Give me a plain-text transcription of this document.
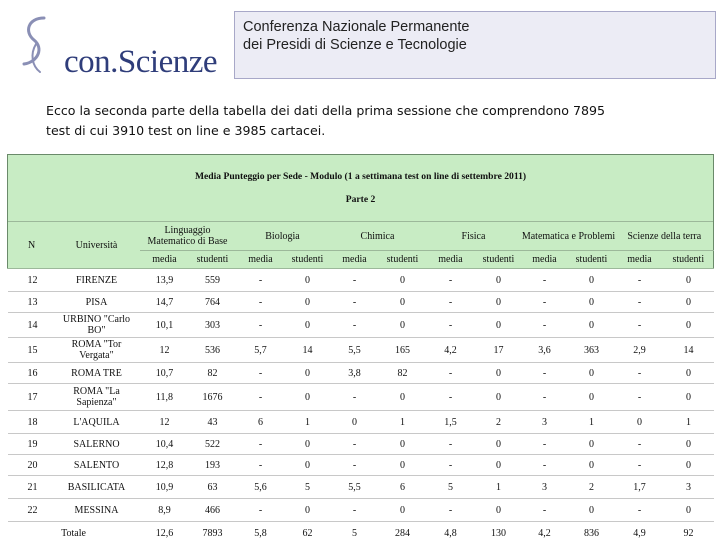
con.Scienze
Conferenza Nazionale Permanente
dei Presidi di Scienze e Tecnologie
Ecco la seconda parte della tabella dei dati della prima sessione che comprendono 7895
test di cui 3910 test on line e 3985 cartacei.
Media Punteggio per Sede - Modulo (1 a settimana test on line di settembre 2011)
Parte 2													

N	Università	Linguaggio Matematico di Base		Biologia		Chimica		Fisica		Matematica e Problemi		Scienze della terra	
		media	studenti	media	studenti	media	studenti	media	studenti	media	studenti	media	studenti
12	FIRENZE	13,9	559	-	0	-	0	-	0	-	0	-	0
13	PISA	14,7	764	-	0	-	0	-	0	-	0	-	0
14	URBINO "Carlo BO"	10,1	303	-	0	-	0	-	0	-	0	-	0
15	ROMA "Tor Vergata"	12	536	5,7	14	5,5	165	4,2	17	3,6	363	2,9	14
16	ROMA TRE	10,7	82	-	0	3,8	82	-	0	-	0	-	0
17	ROMA "La Sapienza"	11,8	1676	-	0	-	0	-	0	-	0	-	0
18	L'AQUILA	12	43	6	1	0	1	1,5	2	3	1	0	1
19	SALERNO	10,4	522	-	0	-	0	-	0	-	0	-	0
20	SALENTO	12,8	193	-	0	-	0	-	0	-	0	-	0
21	BASILICATA	10,9	63	5,6	5	5,5	6	5	1	3	2	1,7	3
22	MESSINA	8,9	466	-	0	-	0	-	0	-	0	-	0
Totale		12,6	7893	5,8	62	5	284	4,8	130	4,2	836	4,9	92
